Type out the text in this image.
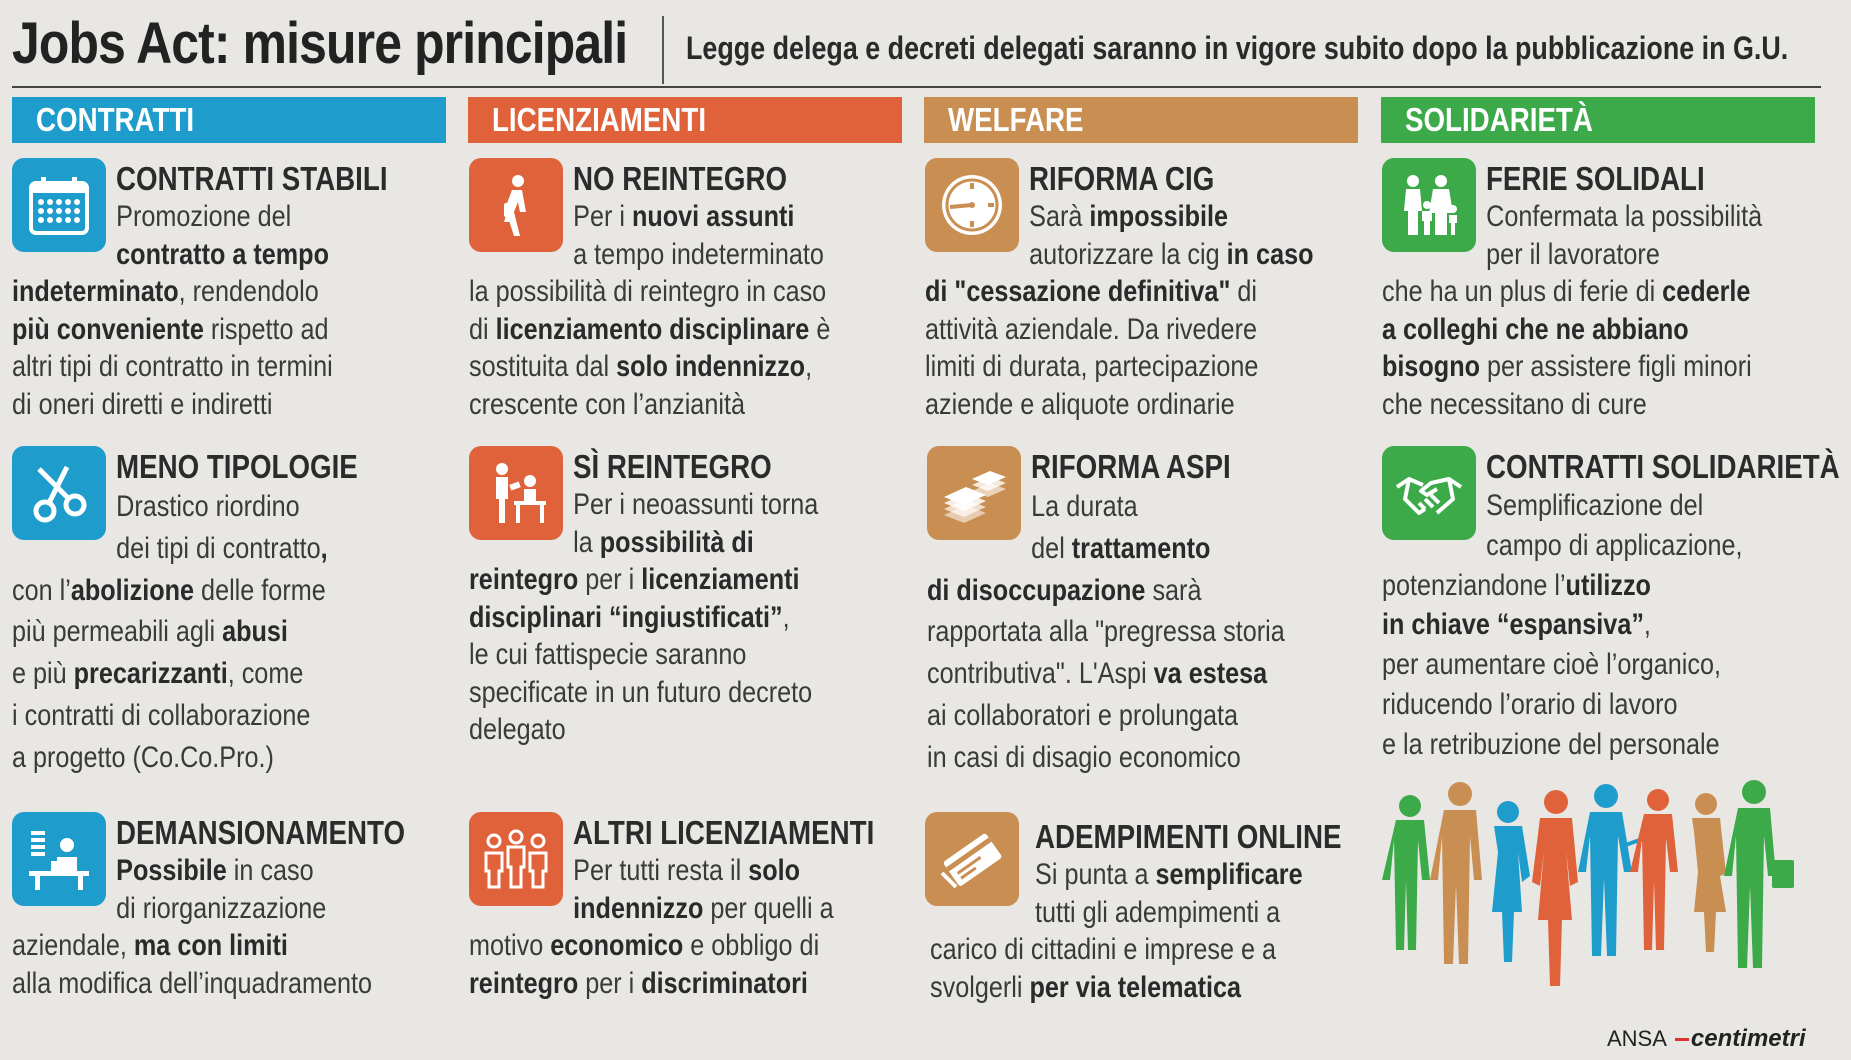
Jobs Act: misure principali Legge delega e decreti delegati saranno in vigore subito dopo la pubblicazione in G.U.
CONTRATTI	LICENZIAMENTI	WELFARE	SOLIDARIETÀ
CONTRATTI STABILI
Promozione del
contratto a tempo
indeterminato, rendendolo
più conveniente rispetto ad
altri tipi di contratto in termini
di oneri diretti e indiretti
MENO TIPOLOGIE
Drastico riordino
dei tipi di contratto,
con l’abolizione delle forme
più permeabili agli abusi
e più precarizzanti, come
i contratti di collaborazione
a progetto (Co.Co.Pro.)
DEMANSIONAMENTO
Possibile in caso
di riorganizzazione
aziendale, ma con limiti
alla modifica dell’inquadramento
NO REINTEGRO
Per i nuovi assunti
a tempo indeterminato
la possibilità di reintegro in caso
di licenziamento disciplinare è
sostituita dal solo indennizzo,
crescente con l’anzianità
SÌ REINTEGRO
Per i neoassunti torna
la possibilità di
reintegro per i licenziamenti
disciplinari “ingiustificati”,
le cui fattispecie saranno
specificate in un futuro decreto
delegato
ALTRI LICENZIAMENTI
Per tutti resta il solo
indennizzo per quelli a
motivo economico e obbligo di
reintegro per i discriminatori
RIFORMA CIG
Sarà impossibile
autorizzare la cig in caso
di "cessazione definitiva" di
attività aziendale. Da rivedere
limiti di durata, partecipazione
aziende e aliquote ordinarie
RIFORMA ASPI
La durata
del trattamento
di disoccupazione sarà
rapportata alla "pregressa storia
contributiva". L'Aspi va estesa
ai collaboratori e prolungata
in casi di disagio economico
ADEMPIMENTI ONLINE
Si punta a semplificare
tutti gli adempimenti a
carico di cittadini e imprese e a
svolgerli per via telematica
FERIE SOLIDALI
Confermata la possibilità
per il lavoratore
che ha un plus di ferie di cederle
a colleghi che ne abbiano
bisogno per assistere figli minori
che necessitano di cure
CONTRATTI SOLIDARIETÀ
Semplificazione del
campo di applicazione,
potenziandone l’utilizzo
in chiave “espansiva”,
per aumentare cioè l’organico,
riducendo l’orario di lavoro
e la retribuzione del personale
ANSA centimetri
